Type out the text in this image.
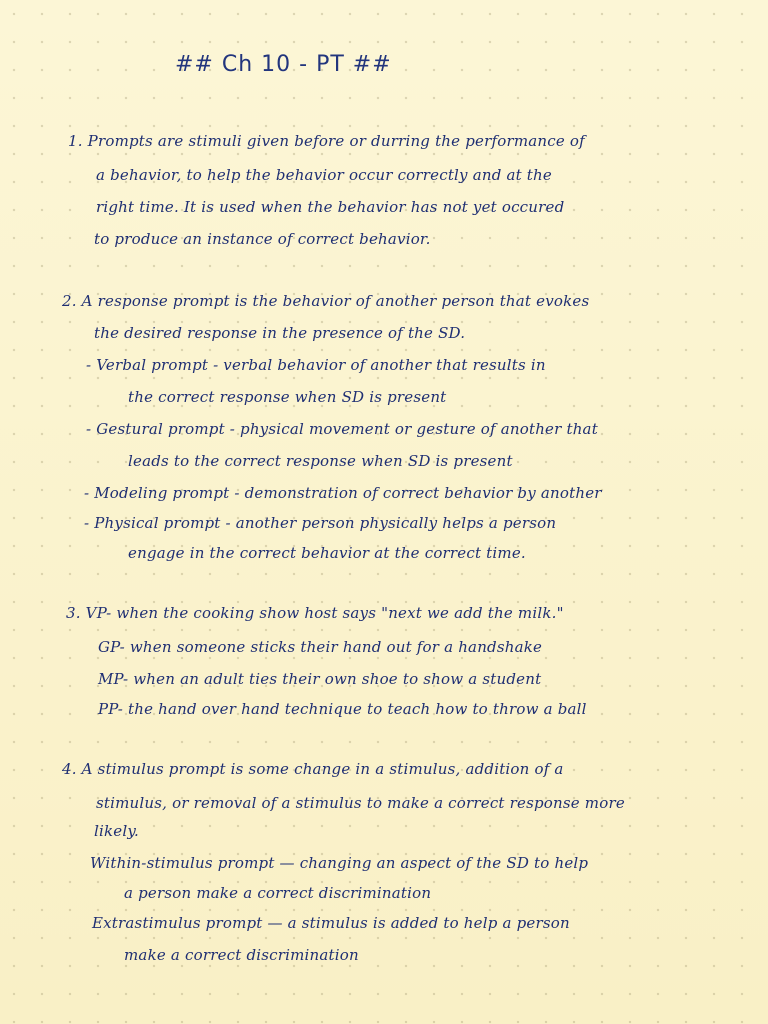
## Ch 10 - PT ##
1. Prompts are stimuli given before or durring the performance of
a behavior, to help the behavior occur correctly and at the
right time. It is used when the behavior has not yet occured
to produce an instance of correct behavior.
2. A response prompt is the behavior of another person that evokes
the desired response in the presence of the SD.
- Verbal prompt - verbal behavior of another that results in
the correct response when SD is present
- Gestural prompt - physical movement or gesture of another that
leads to the correct response when SD is present
- Modeling prompt - demonstration of correct behavior by another
- Physical prompt - another person physically helps a person
engage in the correct behavior at the correct time.
3. VP- when the cooking show host says "next we add the milk."
GP- when someone sticks their hand out for a handshake
MP- when an adult ties their own shoe to show a student
PP- the hand over hand technique to teach how to throw a ball
4. A stimulus prompt is some change in a stimulus, addition of a
stimulus, or removal of a stimulus to make a correct response more
likely.
Within-stimulus prompt — changing an aspect of the SD to help
a person make a correct discrimination
Extrastimulus prompt — a stimulus is added to help a person
make a correct discrimination
